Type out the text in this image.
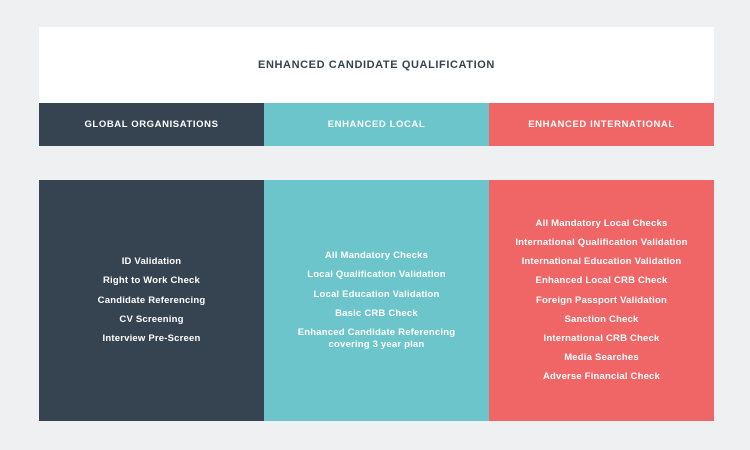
ENHANCED CANDIDATE QUALIFICATION
GLOBAL ORGANISATIONS	ENHANCED LOCAL	ENHANCED INTERNATIONAL
ID Validation
Right to Work Check
Candidate Referencing
CV Screening
Interview Pre-Screen
All Mandatory Checks
Local Qualification Validation
Local Education Validation
Basic CRB Check
Enhanced Candidate Referencing
covering 3 year plan
All Mandatory Local Checks
International Qualification Validation
International Education Validation
Enhanced Local CRB Check
Foreign Passport Validation
Sanction Check
International CRB Check
Media Searches
Adverse Financial Check
